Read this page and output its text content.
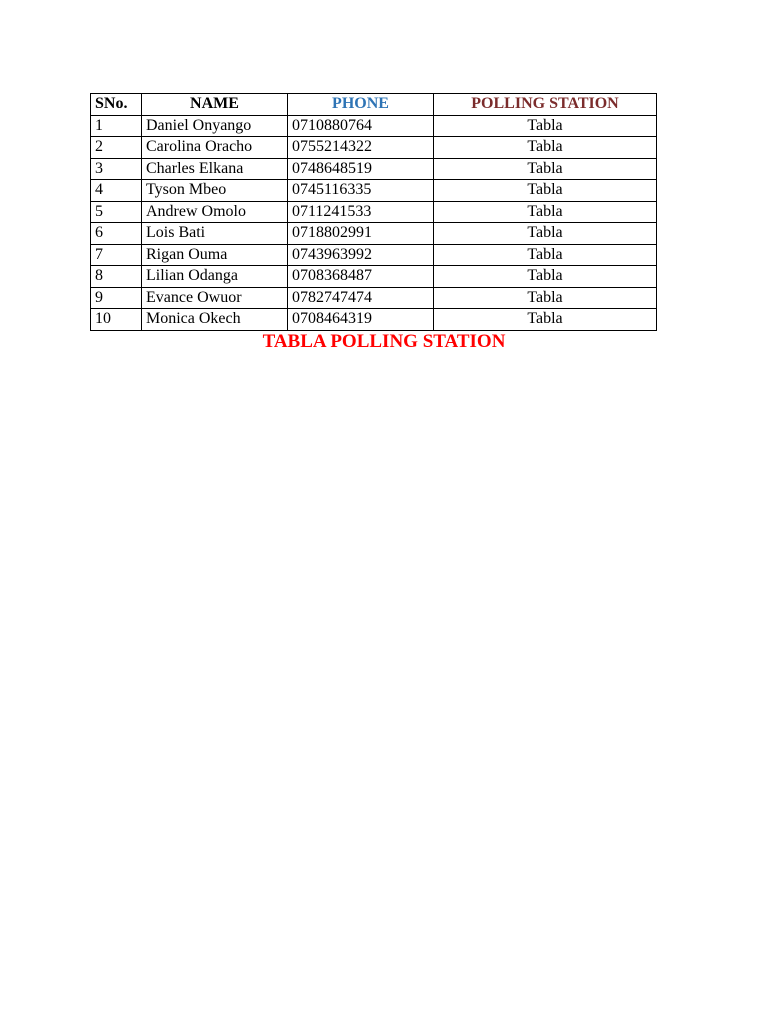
SNo.	NAME	PHONE	POLLING STATION
1	Daniel Onyango	0710880764	Tabla
2	Carolina Oracho	0755214322	Tabla
3	Charles Elkana	0748648519	Tabla
4	Tyson Mbeo	0745116335	Tabla
5	Andrew Omolo	0711241533	Tabla
6	Lois Bati	0718802991	Tabla
7	Rigan Ouma	0743963992	Tabla
8	Lilian Odanga	0708368487	Tabla
9	Evance Owuor	0782747474	Tabla
10	Monica Okech	0708464319	Tabla
TABLA POLLING STATION
